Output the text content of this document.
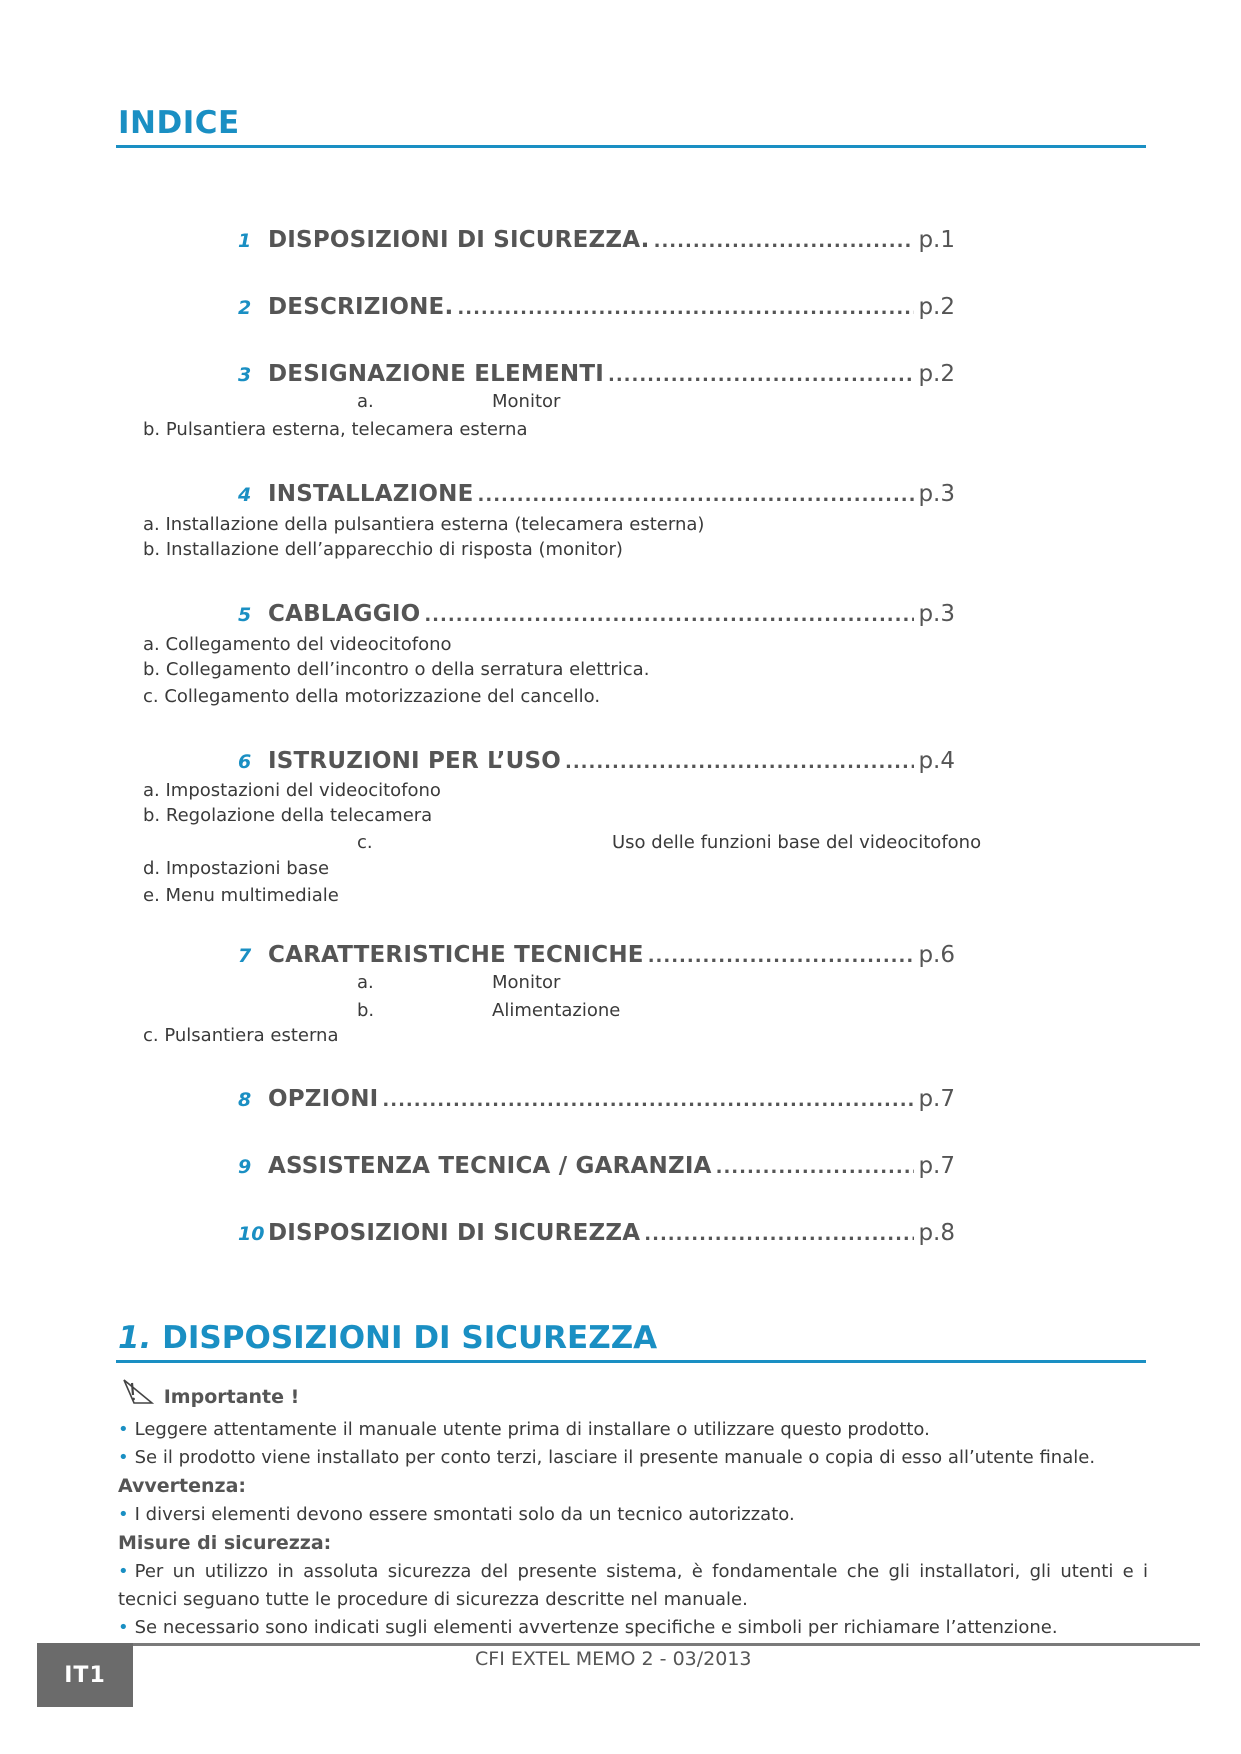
INDICE
1 DISPOSIZIONI DI SICUREZZA. .....	p.1
2 DESCRIZIONE. .....	p.2
3 DESIGNAZIONE ELEMENTI .....	p.2
a.	Monitor
b. Pulsantiera esterna, telecamera esterna
4 INSTALLAZIONE .....	p.3
a. Installazione della pulsantiera esterna (telecamera esterna)
b. Installazione dell’apparecchio di risposta (monitor)
5 CABLAGGIO .....	p.3
a. Collegamento del videocitofono
b. Collegamento dell’incontro o della serratura elettrica.
c. Collegamento della motorizzazione del cancello.
6 ISTRUZIONI PER L’USO .....	p.4
a. Impostazioni del videocitofono
b. Regolazione della telecamera
c.	Uso delle funzioni base del videocitofono
d. Impostazioni base
e. Menu multimediale
7 CARATTERISTICHE TECNICHE .....	p.6
a.	Monitor
b.	Alimentazione
c. Pulsantiera esterna
8 OPZIONI .....	p.7
9 ASSISTENZA TECNICA / GARANZIA .....	p.7
10 DISPOSIZIONI DI SICUREZZA .....	p.8
1. DISPOSIZIONI DI SICUREZZA

Importante !

• Leggere attentamente il manuale utente prima di installare o utilizzare questo prodotto.

• Se il prodotto viene installato per conto terzi, lasciare il presente manuale o copia di esso all’utente finale.

Avvertenza:

• I diversi elementi devono essere smontati solo da un tecnico autorizzato.

Misure di sicurezza:

• Per un utilizzo in assoluta sicurezza del presente sistema, è fondamentale che gli installatori, gli utenti e i tecnici seguano tutte le procedure di sicurezza descritte nel manuale.

• Se necessario sono indicati sugli elementi avvertenze specifiche e simboli per richiamare l’attenzione.

IT1
CFI EXTEL MEMO 2 - 03/2013
